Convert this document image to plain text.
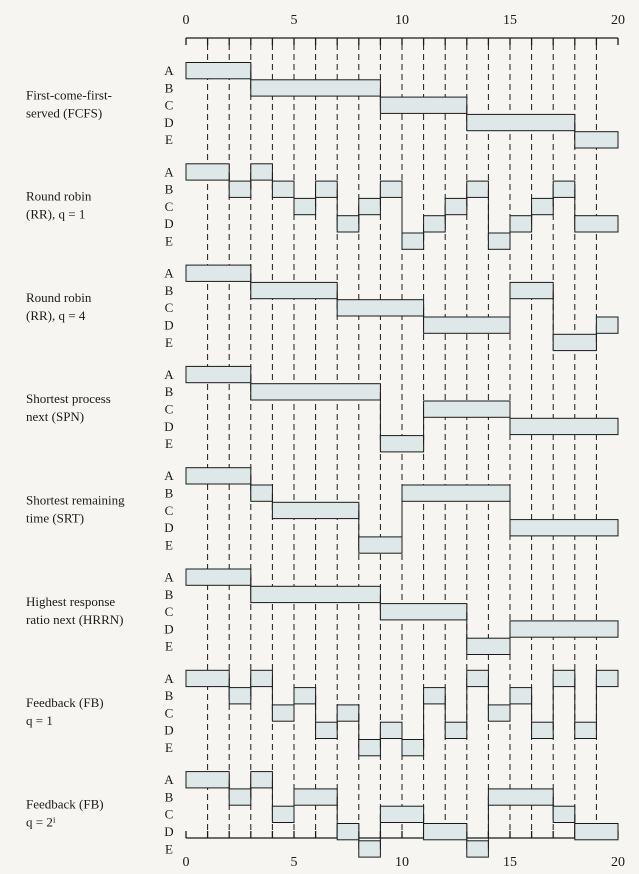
0	5	10	15	20
0	5	10	15	20
A
B
C
D
E
First-come-first-
served (FCFS)
A
B
C
D
E
Round robin
(RR), q = 1
A
B
C
D
E
Round robin
(RR), q = 4
A
B
C
D
E
Shortest process
next (SPN)
A
B
C
D
E
Shortest remaining
time (SRT)
A
B
C
D
E
Highest response
ratio next (HRRN)
A
B
C
D
E
Feedback (FB)
q = 1
A
B
C
D
E
Feedback (FB)
q = 2ⁱ
